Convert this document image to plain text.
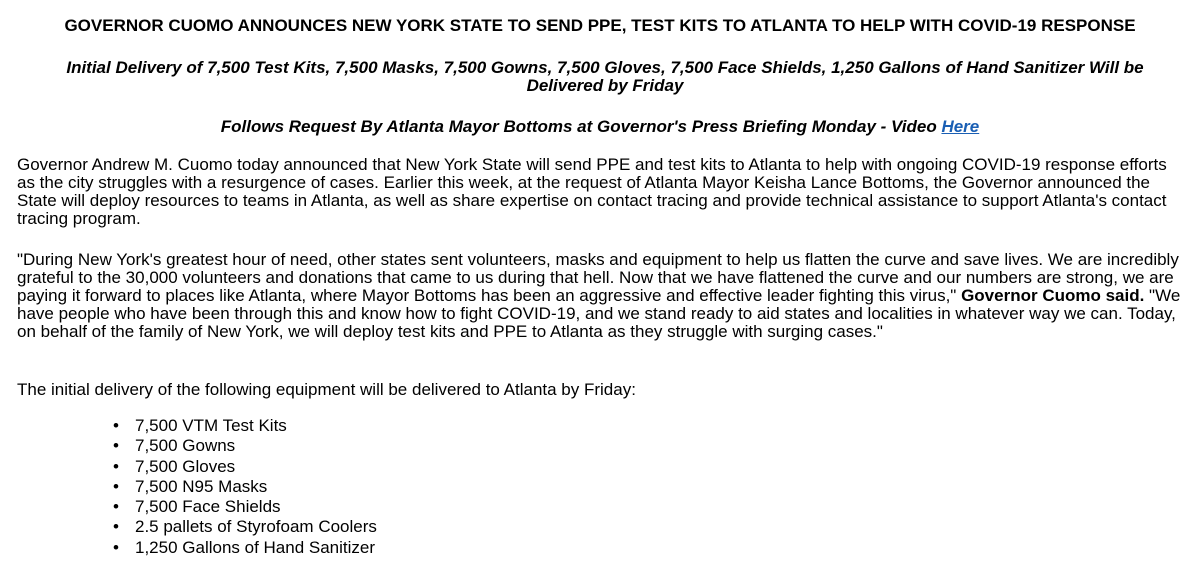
GOVERNOR CUOMO ANNOUNCES NEW YORK STATE TO SEND PPE, TEST KITS TO ATLANTA TO HELP WITH COVID-19 RESPONSE

Initial Delivery of 7,500 Test Kits, 7,500 Masks, 7,500 Gowns, 7,500 Gloves, 7,500 Face Shields, 1,250 Gallons of Hand Sanitizer Will be Delivered by Friday

Follows Request By Atlanta Mayor Bottoms at Governor's Press Briefing Monday - Video Here

Governor Andrew M. Cuomo today announced that New York State will send PPE and test kits to Atlanta to help with ongoing COVID-19 response efforts as the city struggles with a resurgence of cases. Earlier this week, at the request of Atlanta Mayor Keisha Lance Bottoms, the Governor announced the State will deploy resources to teams in Atlanta, as well as share expertise on contact tracing and provide technical assistance to support Atlanta's contact tracing program.

"During New York's greatest hour of need, other states sent volunteers, masks and equipment to help us flatten the curve and save lives. We are incredibly grateful to the 30,000 volunteers and donations that came to us during that hell. Now that we have flattened the curve and our numbers are strong, we are paying it forward to places like Atlanta, where Mayor Bottoms has been an aggressive and effective leader fighting this virus," Governor Cuomo said. "We have people who have been through this and know how to fight COVID-19, and we stand ready to aid states and localities in whatever way we can. Today, on behalf of the family of New York, we will deploy test kits and PPE to Atlanta as they struggle with surging cases."

The initial delivery of the following equipment will be delivered to Atlanta by Friday:

• 7,500 VTM Test Kits
• 7,500 Gowns
• 7,500 Gloves
• 7,500 N95 Masks
• 7,500 Face Shields
• 2.5 pallets of Styrofoam Coolers
• 1,250 Gallons of Hand Sanitizer
